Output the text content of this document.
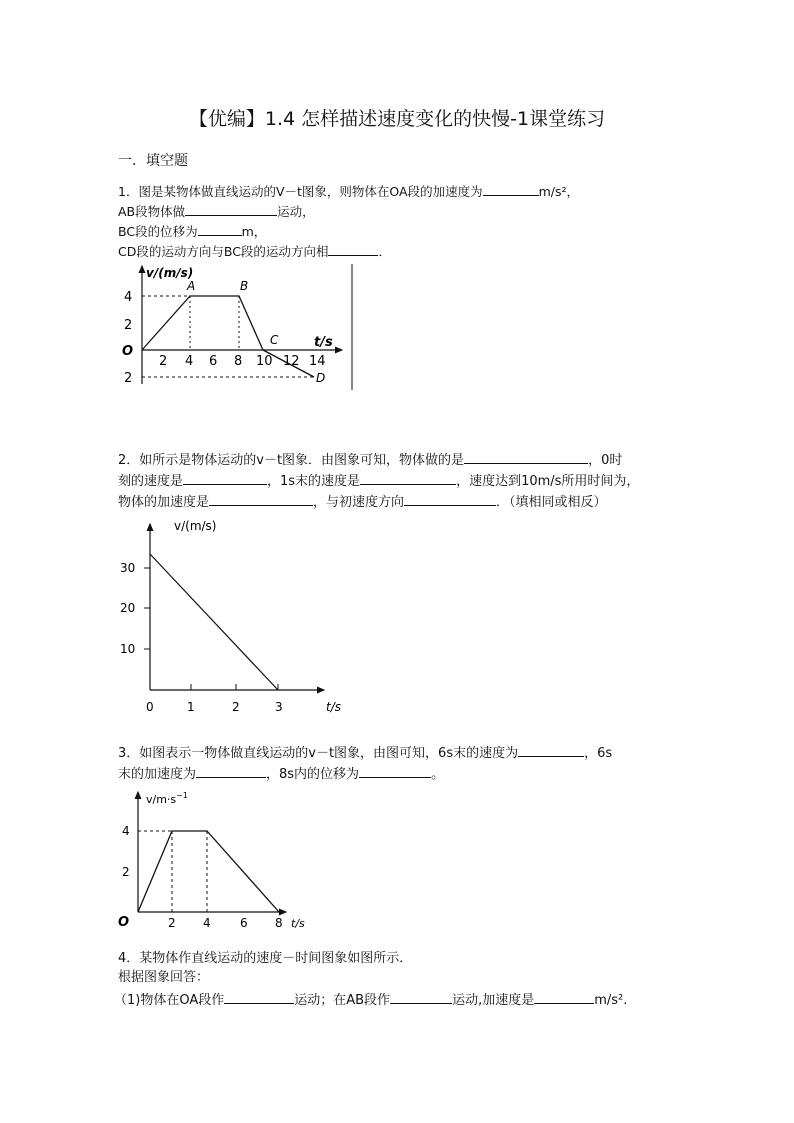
【优编】1.4 怎样描述速度变化的快慢-1课堂练习
一．填空题
1．图是某物体做直线运动的V－t图象，则物体在OA段的加速度为	m/s²，
AB段物体做	运动，
BC段的位移为	m，
CD段的运动方向与BC段的运动方向相	．
v/(m/s)
t/s
O
4
2
2
2 4 6 8 10 12 14
A	B
C
D
2．如所示是物体运动的v－t图象．由图象可知，物体做的是	，0时
刻的速度是	，1s末的速度是	，速度达到10m/s所用时间为，
物体的加速度是	，与初速度方向	．（填相同或相反）
v/(m/s)
t/s
30
20
10
0	1	2	3
3．如图表示一物体做直线运动的v－t图象，由图可知，6s末的速度为	，6s
末的加速度为	，8s内的位移为	。
$v/m\cdot s^{-1}$
t/s
O
4
2
2 4 6 8
4．某物体作直线运动的速度－时间图象如图所示．
根据图象回答：
（1)物体在OA段作	运动；在AB段作	运动,加速度是	m/s².
